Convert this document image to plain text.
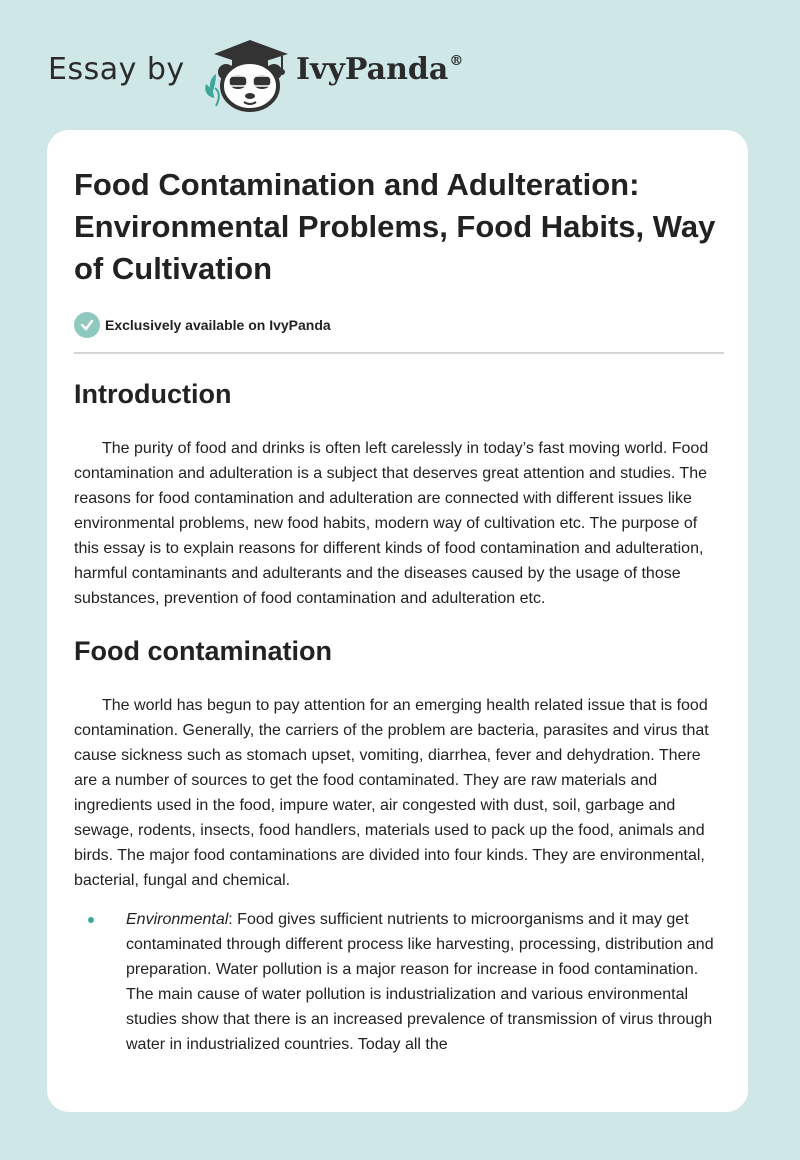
Essay by	IvyPanda®
Food Contamination and Adulteration: Environmental Problems, Food Habits, Way of Cultivation
Exclusively available on IvyPanda
Introduction

The purity of food and drinks is often left carelessly in today’s fast moving world. Food contamination and adulteration is a subject that deserves great attention and studies. The reasons for food contamination and adulteration are connected with different issues like environmental problems, new food habits, modern way of cultivation etc. The purpose of this essay is to explain reasons for different kinds of food contamination and adulteration, harmful contaminants and adulterants and the diseases caused by the usage of those substances, prevention of food contamination and adulteration etc.

Food contamination

The world has begun to pay attention for an emerging health related issue that is food contamination. Generally, the carriers of the problem are bacteria, parasites and virus that cause sickness such as stomach upset, vomiting, diarrhea, fever and dehydration. There are a number of sources to get the food contaminated. They are raw materials and ingredients used in the food, impure water, air congested with dust, soil, garbage and sewage, rodents, insects, food handlers, materials used to pack up the food, animals and birds. The major food contaminations are divided into four kinds. They are environmental, bacterial, fungal and chemical.

Environmental: Food gives sufficient nutrients to microorganisms and it may get contaminated through different process like harvesting, processing, distribution and preparation. Water pollution is a major reason for increase in food contamination. The main cause of water pollution is industrialization and various environmental studies show that there is an increased prevalence of transmission of virus through water in industrialized countries. Today all the
